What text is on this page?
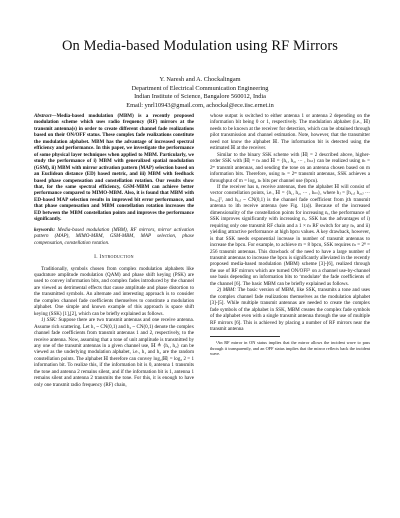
On Media-based Modulation using RF Mirrors
Y. Naresh and A. Chockalingam
Department of Electrical Communication Engineering
Indian Institute of Science, Bangalore 560012, India
Email: ynrl10943@gmail.com, achockal@ece.iisc.ernet.in
Abstract—Media-based modulation (MBM) is a recently proposed modulation scheme which uses radio frequency (RF) mirrors at the transmit antenna(s) in order to create different channel fade realizations based on their ON/OFF status. These complex fade realizations constitute the modulation alphabet. MBM has the advantage of increased spectral efficiency and performance. In this paper, we investigate the performance of some physical layer techniques when applied to MBM. Particularly, we study the performance of i) MBM with generalized spatial modulation (GSM), ii) MBM with mirror activation pattern (MAP) selection based on an Euclidean distance (ED) based metric, and iii) MBM with feedback based phase compensation and constellation rotation. Our results show that, for the same spectral efficiency, GSM-MBM can achieve better performance compared to MIMO-MBM. Also, it is found that MBM with ED-based MAP selection results in improved bit error performance, and that phase compensation and MBM constellation rotation increases the ED between the MBM constellation points and improves the performance significantly.
keywords: Media-based modulation (MBM), RF mirrors, mirror activation pattern (MAP), MIMO-MBM, GSM-MBM, MAP selection, phase compensation, constellation rotation.
I. Introduction

Traditionally, symbols chosen from complex modulation alphabets like quadrature amplitude modulation (QAM) and phase shift keying (PSK) are used to convey information bits, and complex fades introduced by the channel are viewed as detrimental effects that cause amplitude and phase distortion to the transmitted symbols. An alternate and interesting approach is to consider the complex channel fade coefficients themselves to constitute a modulation alphabet. One simple and known example of this approach is space shift keying (SSK) [1],[2], which can be briefly explained as follows.

1) SSK: Suppose there are two transmit antennas and one receive antenna. Assume rich scattering. Let h₁ ~ CN(0,1) and h₂ ~ CN(0,1) denote the complex channel fade coefficients from transmit antennas 1 and 2, respectively, to the receive antenna. Now, assuming that a tone of unit amplitude is transmitted by any one of the transmit antennas in a given channel use, ℍ ≜ {h₁, h₂} can be viewed as the underlying modulation alphabet, i.e., h₁ and h₂ are the random constellation points. The alphabet ℍ therefore can convey log₂|ℍ| = log₂ 2 = 1 information bit. To realize this, if the information bit is 0, antenna 1 transmits the tone and antenna 2 remains silent, and if the information bit is 1, antenna 1 remains silent and antenna 2 transmits the tone. For this, it is enough to have only one transmit radio frequency (RF) chain,

whose output is switched to either antenna 1 or antenna 2 depending on the information bit being 0 or 1, respectively. The modulation alphabet (i.e., ℍ) needs to be known at the receiver for detection, which can be obtained through pilot transmission and channel estimation. Note, however, that the transmitter need not know the alphabet ℍ. The information bit is detected using the estimated ℍ at the receiver.

Similar to the binary SSK scheme with |ℍ| = 2 described above, higher-order SSK with |ℍ| = nₜ and ℍ = {h₁, h₂, ··· , hₙₜ} can be realized using nₜ = 2ᵐ transmit antennas, and sending the tone on an antenna chosen based on m information bits. Therefore, using nₜ = 2ᵐ transmit antennas, SSK achieves a throughput of m = log₂ nₜ bits per channel use (bpcu).

If the receiver has nᵣ receive antennas, then the alphabet ℍ will consist of vector constellation points, i.e., ℍ = {h₁, h₂, ··· , hₙₜ}, where hⱼ = [h₁,ⱼ h₂,ⱼ ··· hₙᵣ,ⱼ]ᵀ, and hᵢ,ⱼ ~ CN(0,1) is the channel fade coefficient from jth transmit antenna to ith receive antenna (see Fig. 1(a)). Because of the increased dimensionality of the constellation points for increasing nᵣ, the performance of SSK improves significantly with increasing nᵣ. SSK has the advantages of i) requiring only one transmit RF chain and a 1 × nₜ RF switch for any nₜ, and ii) yielding attractive performance at high bpcu values. A key drawback, however, is that SSK needs exponential increase in number of transmit antennas to increase the bpcu. For example, to achieve m = 8 bpcu, SSK requires nₜ = 2⁸ = 256 transmit antennas. This drawback of the need to have a large number of transmit antennas to increase the bpcu is significantly alleviated in the recently proposed media-based modulation (MBM) scheme [3]-[6], realized through the use of RF mirrors which are turned ON/OFF¹ on a channel use-by-channel use basis depending on information bits to ‘modulate’ the fade coefficients of the channel [6]. The basic MBM can be briefly explained as follows.

2) MBM: The basic version of MBM, like SSK, transmits a tone and uses the complex channel fade realizations themselves as the modulation alphabet [3]-[5]. While multiple transmit antennas are needed to create the complex fade symbols of the alphabet in SSK, MBM creates the complex fade symbols of the alphabet even with a single transmit antenna through the use of multiple RF mirrors [6]. This is achieved by placing a number of RF mirrors near the transmit antenna

¹An RF mirror in ON status implies that the mirror allows the incident wave to pass through it transparently, and an OFF status implies that the mirror reflects back the incident wave.
